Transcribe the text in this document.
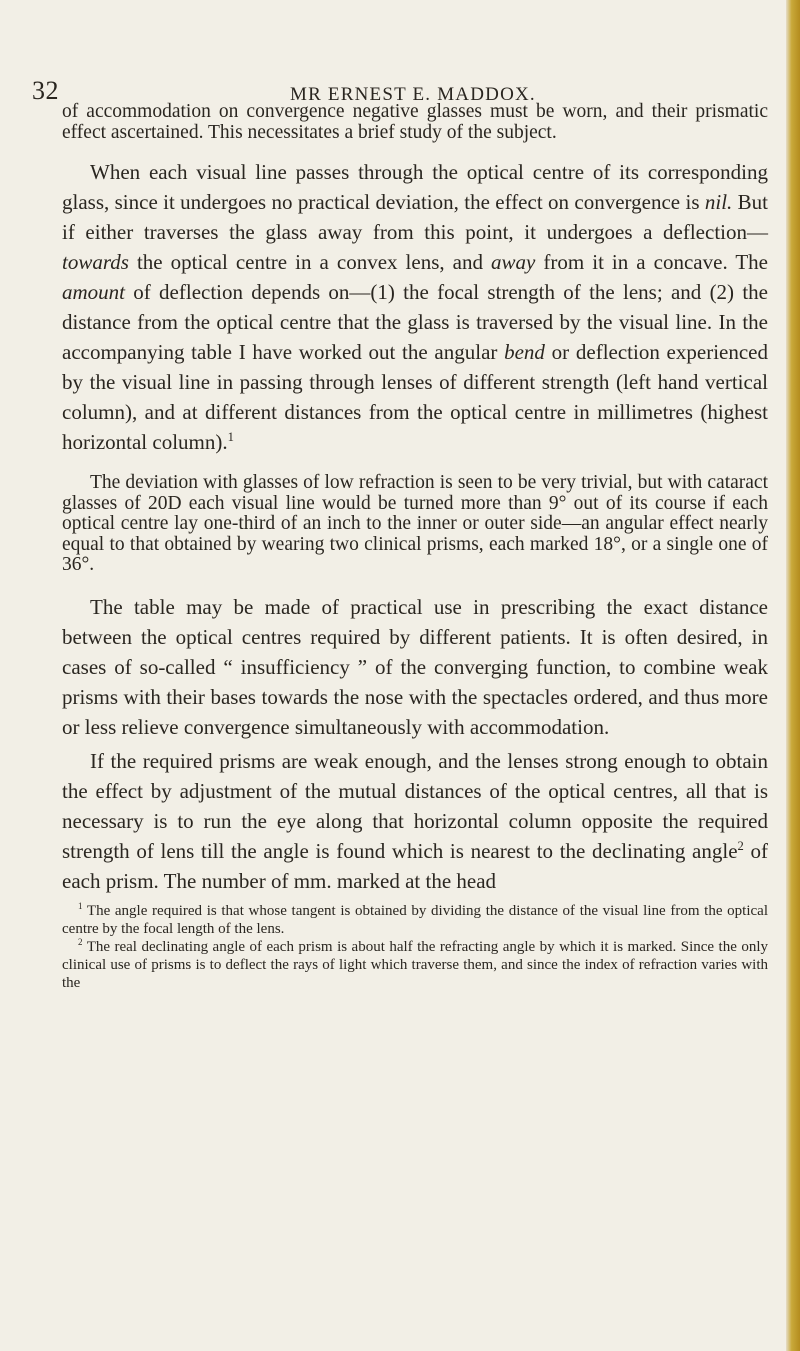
32	MR ERNEST E. MADDOX.

of accommodation on convergence negative glasses must be worn, and their prismatic effect ascertained. This necessitates a brief study of the subject.

When each visual line passes through the optical centre of its corresponding glass, since it undergoes no practical deviation, the effect on convergence is nil. But if either traverses the glass away from this point, it undergoes a deflection—towards the optical centre in a convex lens, and away from it in a concave. The amount of deflection depends on—(1) the focal strength of the lens; and (2) the distance from the optical centre that the glass is traversed by the visual line. In the accompanying table I have worked out the angular bend or deflection experienced by the visual line in passing through lenses of different strength (left hand vertical column), and at different distances from the optical centre in millimetres (highest horizontal column).$^1$

The deviation with glasses of low refraction is seen to be very trivial, but with cataract glasses of 20D each visual line would be turned more than 9° out of its course if each optical centre lay one-third of an inch to the inner or outer side—an angular effect nearly equal to that obtained by wearing two clinical prisms, each marked 18°, or a single one of 36°.

The table may be made of practical use in prescribing the exact distance between the optical centres required by different patients. It is often desired, in cases of so-called “ insufficiency ” of the converging function, to combine weak prisms with their bases towards the nose with the spectacles ordered, and thus more or less relieve convergence simultaneously with accommodation.

If the required prisms are weak enough, and the lenses strong enough to obtain the effect by adjustment of the mutual distances of the optical centres, all that is necessary is to run the eye along that horizontal column opposite the required strength of lens till the angle is found which is nearest to the declinating angle$^2$ of each prism. The number of mm. marked at the head

$^1$ The angle required is that whose tangent is obtained by dividing the distance of the visual line from the optical centre by the focal length of the lens.

$^2$ The real declinating angle of each prism is about half the refracting angle by which it is marked. Since the only clinical use of prisms is to deflect the rays of light which traverse them, and since the index of refraction varies with the
